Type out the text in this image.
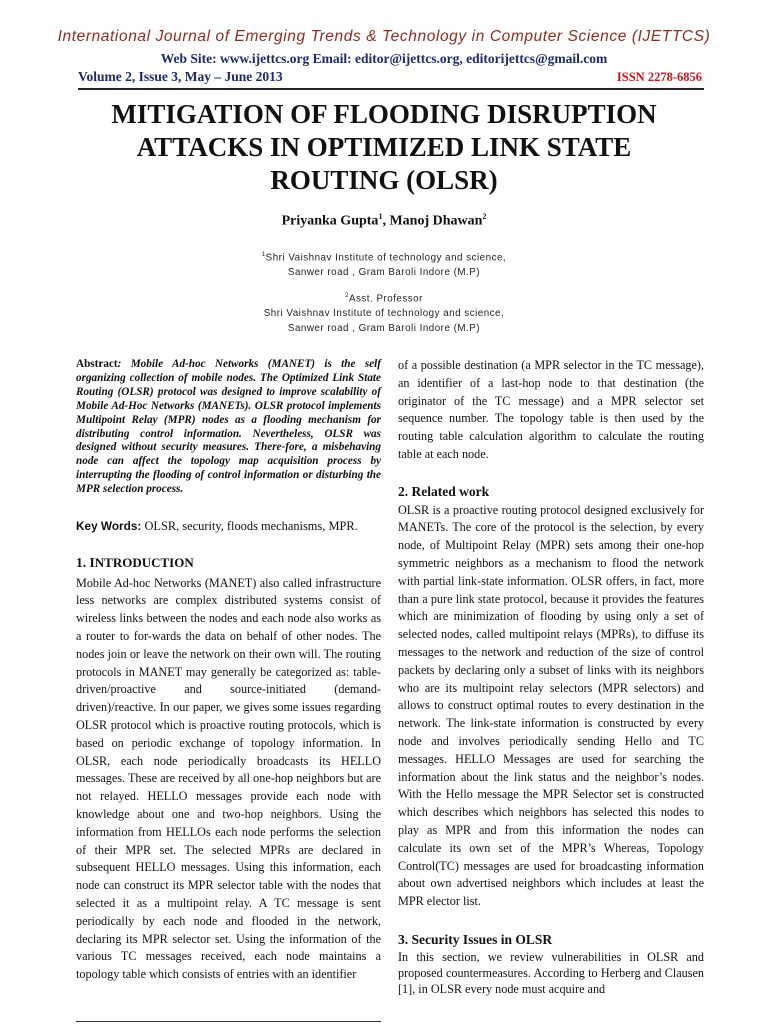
International Journal of Emerging Trends & Technology in Computer Science (IJETTCS)
Web Site: www.ijettcs.org Email: editor@ijettcs.org, editorijettcs@gmail.com
Volume 2, Issue 3, May – June 2013	ISSN 2278-6856
MITIGATION OF FLOODING DISRUPTION ATTACKS IN OPTIMIZED LINK STATE ROUTING (OLSR)
Priyanka Gupta$^1$, Manoj Dhawan$^2$
$^1$Shri Vaishnav Institute of technology and science,
Sanwer road , Gram Baroli Indore (M.P)
$^2$Asst. Professor
Shri Vaishnav Institute of technology and science,
Sanwer road , Gram Baroli Indore (M.P)

Abstract: Mobile Ad-hoc Networks (MANET) is the self organizing collection of mobile nodes. The Optimized Link State Routing (OLSR) protocol was designed to improve scalability of Mobile Ad-Hoc Networks (MANETs). OLSR protocol implements Multipoint Relay (MPR) nodes as a flooding mechanism for distributing control information. Nevertheless, OLSR was designed without security measures. There-fore, a misbehaving node can affect the topology map acquisition process by interrupting the flooding of control information or disturbing the MPR selection process.

Key Words: OLSR, security, floods mechanisms, MPR.

1. INTRODUCTION

Mobile Ad-hoc Networks (MANET) also called infrastructure less networks are complex distributed systems consist of wireless links between the nodes and each node also works as a router to for-wards the data on behalf of other nodes. The nodes join or leave the network on their own will. The routing protocols in MANET may generally be categorized as: table-driven/proactive and source-initiated (demand-driven)/reactive. In our paper, we gives some issues regarding OLSR protocol which is proactive routing protocols, which is based on periodic exchange of topology information. In OLSR, each node periodically broadcasts its HELLO messages. These are received by all one-hop neighbors but are not relayed. HELLO messages provide each node with knowledge about one and two-hop neighbors. Using the information from HELLOs each node performs the selection of their MPR set. The selected MPRs are declared in subsequent HELLO messages. Using this information, each node can construct its MPR selector table with the nodes that selected it as a multipoint relay. A TC message is sent periodically by each node and flooded in the network, declaring its MPR selector set. Using the information of the various TC messages received, each node maintains a topology table which consists of entries with an identifier

of a possible destination (a MPR selector in the TC message), an identifier of a last-hop node to that destination (the originator of the TC message) and a MPR selector set sequence number. The topology table is then used by the routing table calculation algorithm to calculate the routing table at each node.

2. Related work

OLSR is a proactive routing protocol designed exclusively for MANETs. The core of the protocol is the selection, by every node, of Multipoint Relay (MPR) sets among their one-hop symmetric neighbors as a mechanism to flood the network with partial link-state information. OLSR offers, in fact, more than a pure link state protocol, because it provides the features which are minimization of flooding by using only a set of selected nodes, called multipoint relays (MPRs), to diffuse its messages to the network and reduction of the size of control packets by declaring only a subset of links with its neighbors who are its multipoint relay selectors (MPR selectors) and allows to construct optimal routes to every destination in the network. The link-state information is constructed by every node and involves periodically sending Hello and TC messages. HELLO Messages are used for searching the information about the link status and the neighbor’s nodes. With the Hello message the MPR Selector set is constructed which describes which neighbors has selected this nodes to play as MPR and from this information the nodes can calculate its own set of the MPR’s Whereas, Topology Control(TC) messages are used for broadcasting information about own advertised neighbors which includes at least the MPR elector list.

3. Security Issues in OLSR

In this section, we review vulnerabilities in OLSR and proposed countermeasures. According to Herberg and Clausen [1], in OLSR every node must acquire and
